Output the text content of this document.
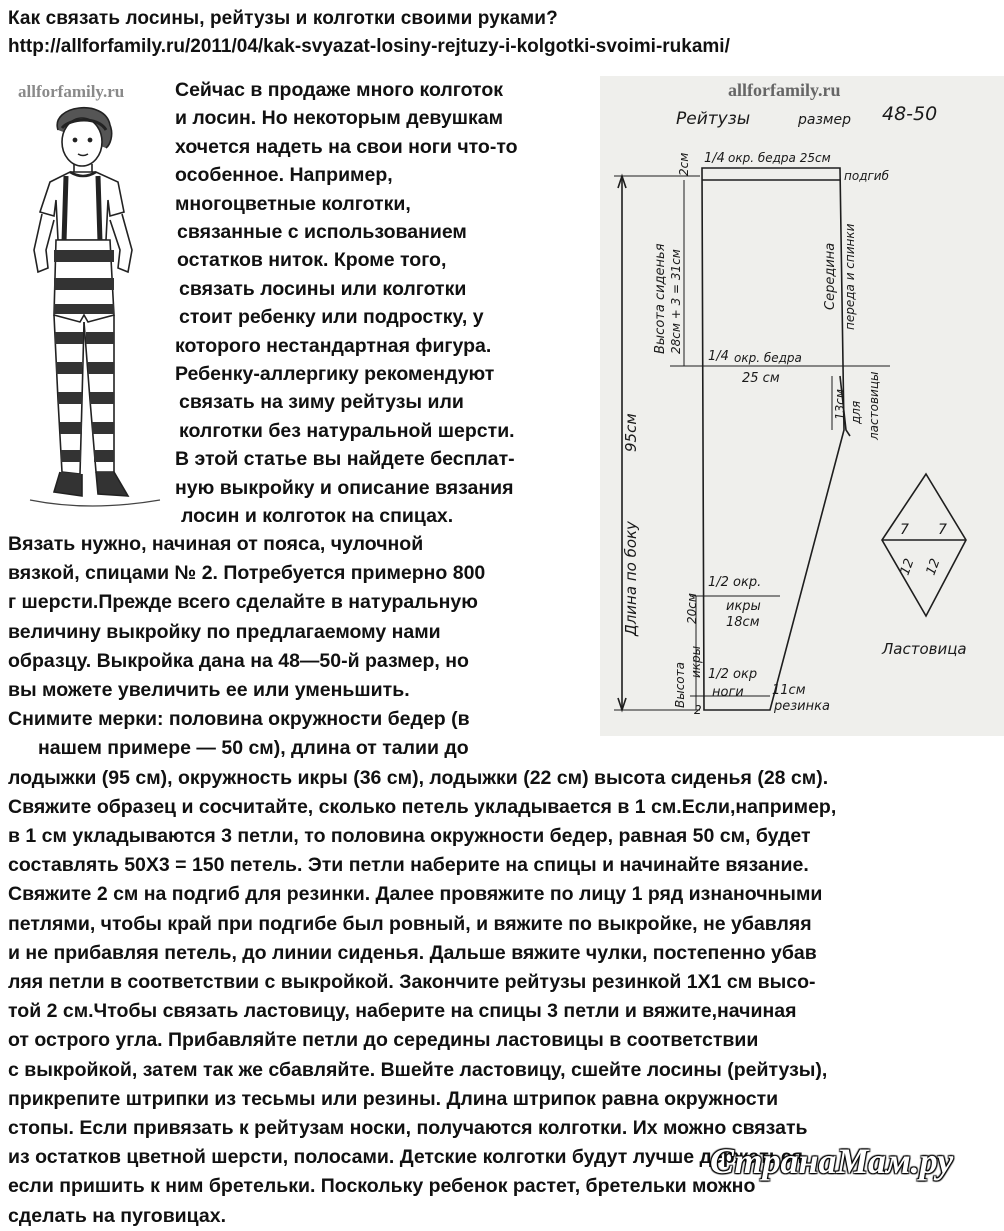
Как связать лосины, рейтузы и колготки своими руками?
http://allforfamily.ru/2011/04/kak-svyazat-losiny-rejtuzy-i-kolgotki-svoimi-rukami/
allforfamily.ru	Сейчас в продаже много колготок
и лосин. Но некоторым девушкам
хочется надеть на свои ноги что-то
особенное. Например,
многоцветные колготки,
связанные с использованием
остатков ниток. Кроме того,
связать лосины или колготки
стоит ребенку или подростку, у
которого нестандартная фигура.
Ребенку-аллергику рекомендуют
связать на зиму рейтузы или
колготки без натуральной шерсти.
В этой статье вы найдете бесплат-
ную выкройку и описание вязания
лосин и колготок на спицах.
allforfamily.ru
Рейтузы	размер 48-50
1/4 окр. бедра 25см
подгиб
2см
Высота сиденья 28см + 3 = 31см	Середина переда и спинки
1/4 окр. бедра
25 см
для ластовицы
13см
Длина по боку
95см
1/2 окр.
икры
18см
20см
Высота
икры 1/2 окр
ноги 11см
резинка
2
7 7
12 12
Ластовица
Вязать нужно, начиная от пояса, чулочной
вязкой, спицами № 2. Потребуется примерно 800
г шерсти.Прежде всего сделайте в натуральную
величину выкройку по предлагаемому нами
образцу. Выкройка дана на 48—50-й размер, но
вы можете увеличить ее или уменьшить.
Снимите мерки: половина окружности бедер (в
нашем примере — 50 см), длина от талии до
лодыжки (95 см), окружность икры (36 см), лодыжки (22 см) высота сиденья (28 см).
Свяжите образец и сосчитайте, сколько петель укладывается в 1 см.Если,например,
в 1 см укладываются 3 петли, то половина окружности бедер, равная 50 см, будет
составлять 50Х3 = 150 петель. Эти петли наберите на спицы и начинайте вязание.
Свяжите 2 см на подгиб для резинки. Далее провяжите по лицу 1 ряд изнаночными
петлями, чтобы край при подгибе был ровный, и вяжите по выкройке, не убавляя
и не прибавляя петель, до линии сиденья. Дальше вяжите чулки, постепенно убав
ляя петли в соответствии с выкройкой. Закончите рейтузы резинкой 1Х1 см высо-
той 2 см.Чтобы связать ластовицу, наберите на спицы 3 петли и вяжите,начиная
от острого угла. Прибавляйте петли до середины ластовицы в соответствии
с выкройкой, затем так же сбавляйте. Вшейте ластовицу, сшейте лосины (рейтузы),
прикрепите штрипки из тесьмы или резины. Длина штрипок равна окружности
стопы. Если привязать к рейтузам носки, получаются колготки. Их можно связать
из остатков цветной шерсти, полосами. Детские колготки будут лучше держаться,
если пришить к ним бретельки. Поскольку ребенок растет, бретельки можно
сделать на пуговицах.
СтранаМам.ру
